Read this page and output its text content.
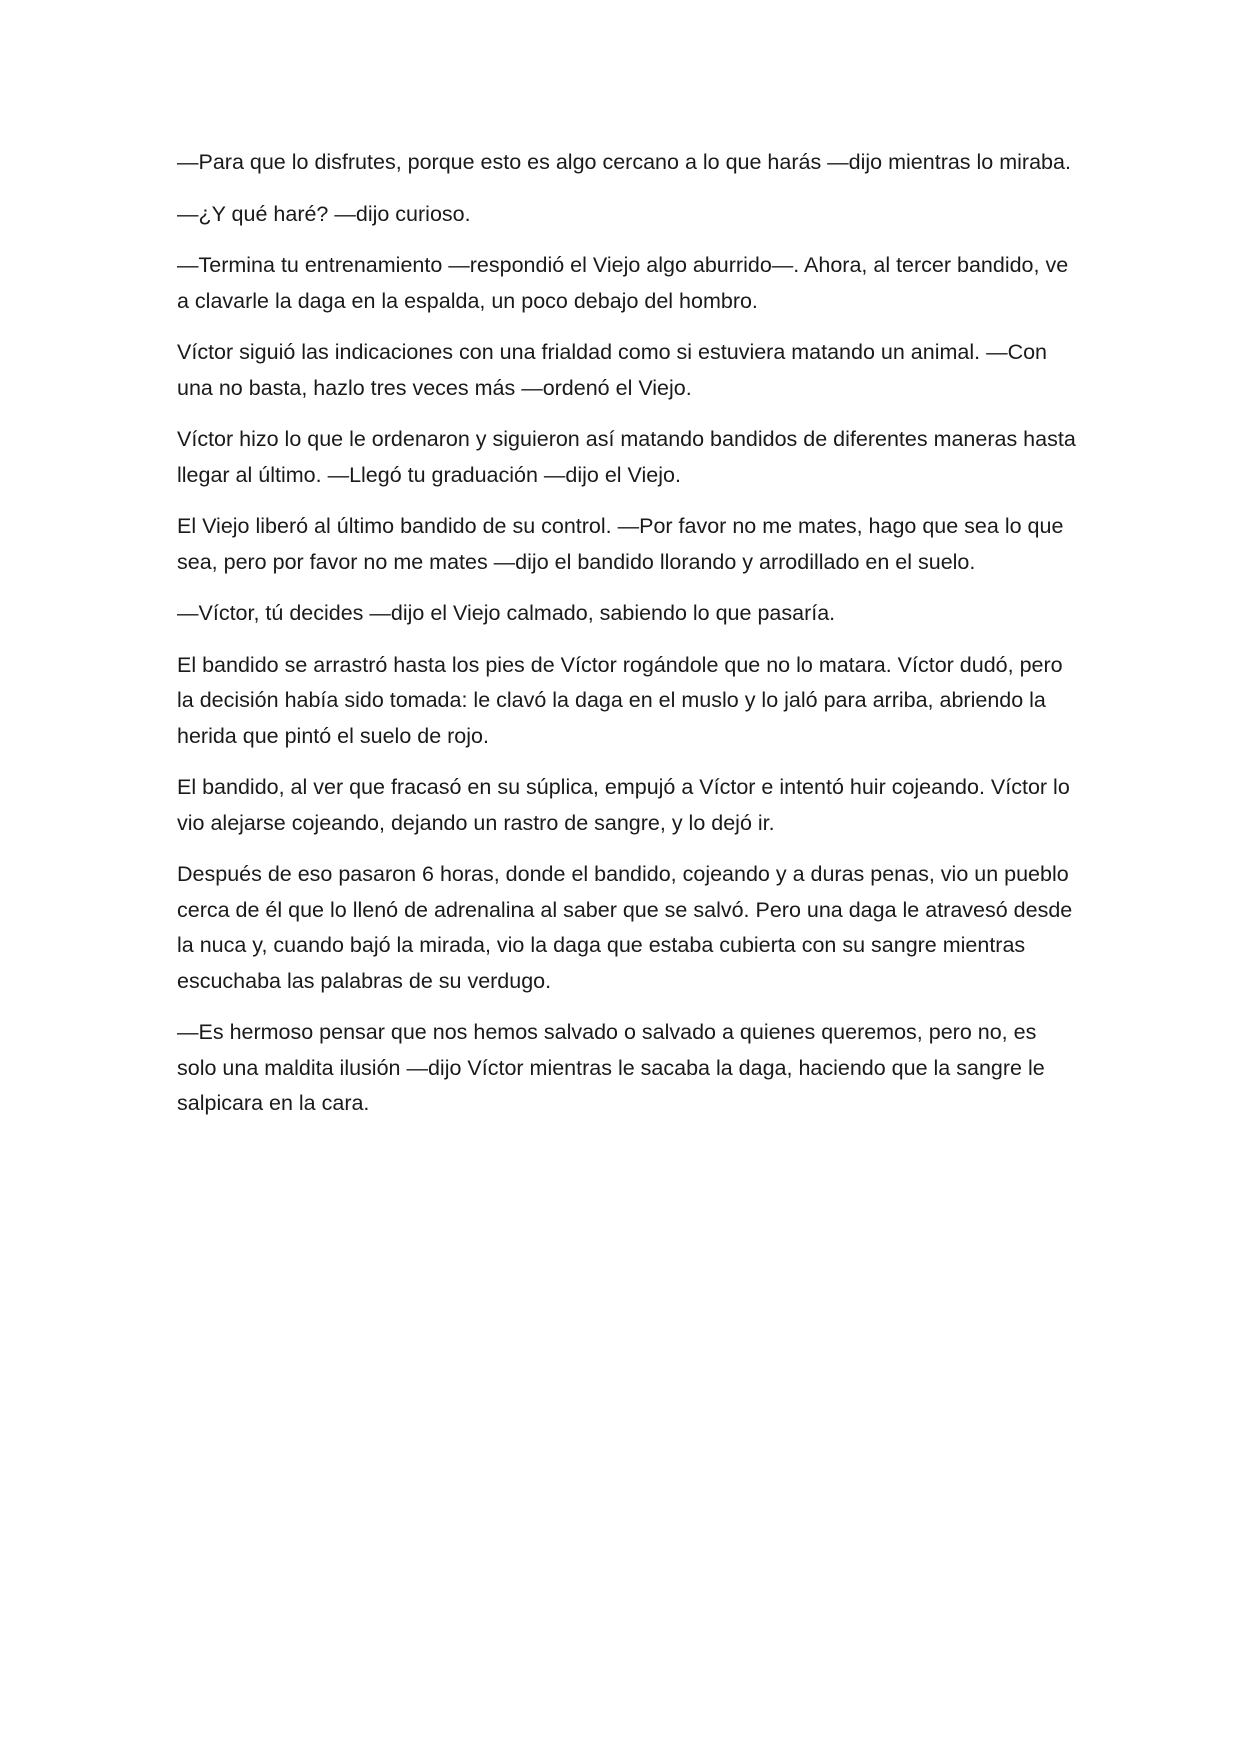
—Para que lo disfrutes, porque esto es algo cercano a lo que harás —dijo mientras lo miraba.

—¿Y qué haré? —dijo curioso.

—Termina tu entrenamiento —respondió el Viejo algo aburrido—. Ahora, al tercer bandido, ve a clavarle la daga en la espalda, un poco debajo del hombro.

Víctor siguió las indicaciones con una frialdad como si estuviera matando un animal. —Con una no basta, hazlo tres veces más —ordenó el Viejo.

Víctor hizo lo que le ordenaron y siguieron así matando bandidos de diferentes maneras hasta llegar al último. —Llegó tu graduación —dijo el Viejo.

El Viejo liberó al último bandido de su control. —Por favor no me mates, hago que sea lo que sea, pero por favor no me mates —dijo el bandido llorando y arrodillado en el suelo.

—Víctor, tú decides —dijo el Viejo calmado, sabiendo lo que pasaría.

El bandido se arrastró hasta los pies de Víctor rogándole que no lo matara. Víctor dudó, pero la decisión había sido tomada: le clavó la daga en el muslo y lo jaló para arriba, abriendo la herida que pintó el suelo de rojo.

El bandido, al ver que fracasó en su súplica, empujó a Víctor e intentó huir cojeando. Víctor lo vio alejarse cojeando, dejando un rastro de sangre, y lo dejó ir.

Después de eso pasaron 6 horas, donde el bandido, cojeando y a duras penas, vio un pueblo cerca de él que lo llenó de adrenalina al saber que se salvó. Pero una daga le atravesó desde la nuca y, cuando bajó la mirada, vio la daga que estaba cubierta con su sangre mientras escuchaba las palabras de su verdugo.

—Es hermoso pensar que nos hemos salvado o salvado a quienes queremos, pero no, es solo una maldita ilusión —dijo Víctor mientras le sacaba la daga, haciendo que la sangre le salpicara en la cara.
